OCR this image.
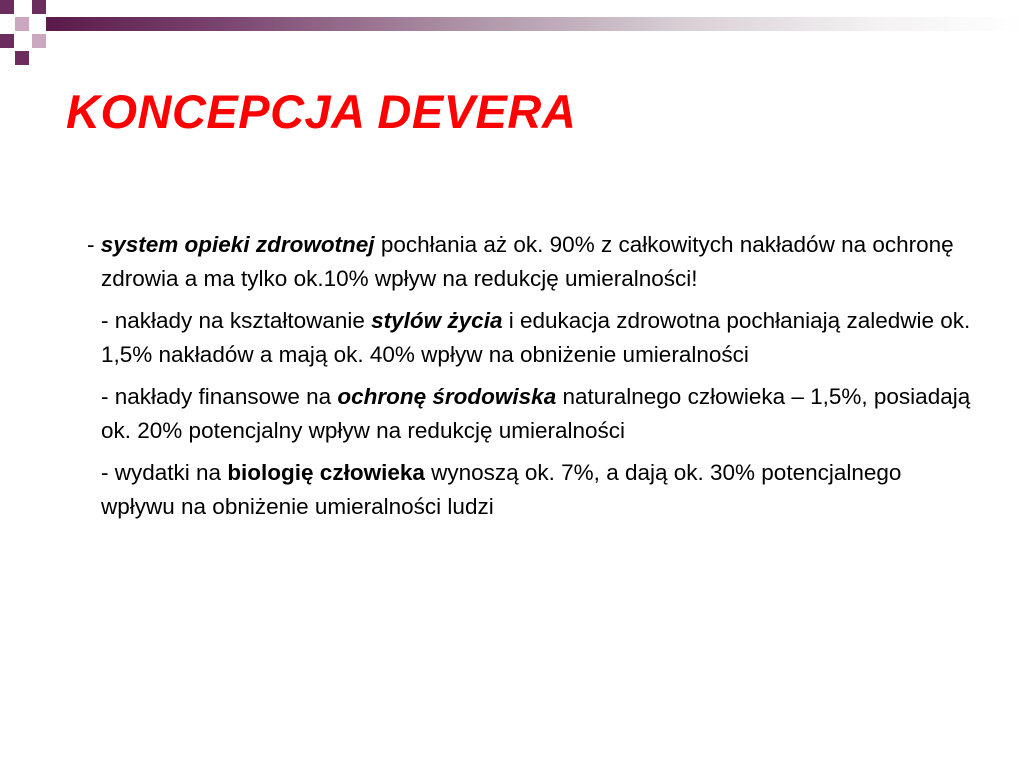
KONCEPCJA DEVERA

- system opieki zdrowotnej pochłania aż ok. 90% z całkowitych nakładów na ochronę zdrowia a ma tylko ok.10% wpływ na redukcję umieralności!

- nakłady na kształtowanie stylów życia i edukacja zdrowotna pochłaniają zaledwie ok. 1,5% nakładów a mają ok. 40% wpływ na obniżenie umieralności

- nakłady finansowe na ochronę środowiska naturalnego człowieka – 1,5%, posiadają ok. 20% potencjalny wpływ na redukcję umieralności

- wydatki na biologię człowieka wynoszą ok. 7%, a dają ok. 30% potencjalnego wpływu na obniżenie umieralności ludzi
